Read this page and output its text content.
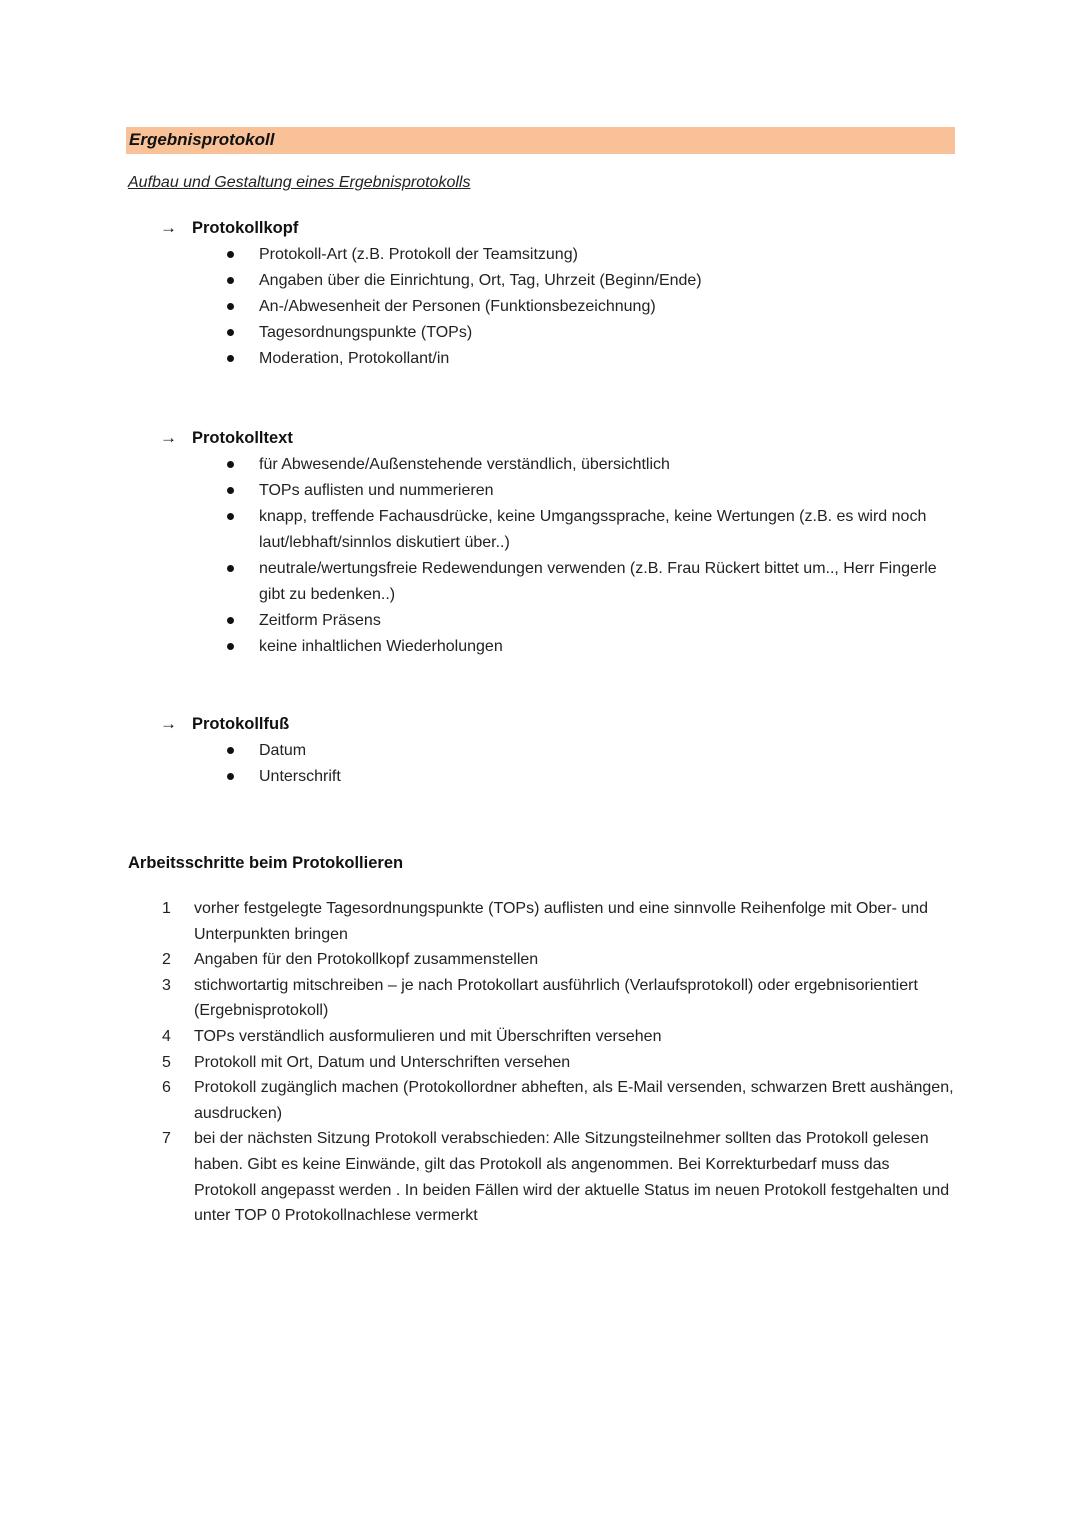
Ergebnisprotokoll
Aufbau und Gestaltung eines Ergebnisprotokolls
→ Protokollkopf
Protokoll-Art (z.B. Protokoll der Teamsitzung)
Angaben über die Einrichtung, Ort, Tag, Uhrzeit (Beginn/Ende)
An-/Abwesenheit der Personen (Funktionsbezeichnung)
Tagesordnungspunkte (TOPs)
Moderation, Protokollant/in
→ Protokolltext
für Abwesende/Außenstehende verständlich, übersichtlich
TOPs auflisten und nummerieren
knapp, treffende Fachausdrücke, keine Umgangssprache, keine Wertungen (z.B. es wird noch laut/lebhaft/sinnlos diskutiert über..)
neutrale/wertungsfreie Redewendungen verwenden (z.B. Frau Rückert bittet um.., Herr Fingerle gibt zu bedenken..)
Zeitform Präsens
keine inhaltlichen Wiederholungen
→ Protokollfuß
Datum
Unterschrift
Arbeitsschritte beim Protokollieren
1 vorher festgelegte Tagesordnungspunkte (TOPs) auflisten und eine sinnvolle Reihenfolge mit Ober- und Unterpunkten bringen
2 Angaben für den Protokollkopf zusammenstellen
3 stichwortartig mitschreiben – je nach Protokollart ausführlich (Verlaufsprotokoll) oder ergebnisorientiert (Ergebnisprotokoll)
4 TOPs verständlich ausformulieren und mit Überschriften versehen
5 Protokoll mit Ort, Datum und Unterschriften versehen
6 Protokoll zugänglich machen (Protokollordner abheften, als E-Mail versenden, schwarzen Brett aushängen, ausdrucken)
7 bei der nächsten Sitzung Protokoll verabschieden: Alle Sitzungsteilnehmer sollten das Protokoll gelesen haben. Gibt es keine Einwände, gilt das Protokoll als angenommen. Bei Korrekturbedarf muss das Protokoll angepasst werden . In beiden Fällen wird der aktuelle Status im neuen Protokoll festgehalten und unter TOP 0 Protokollnachlese vermerkt
